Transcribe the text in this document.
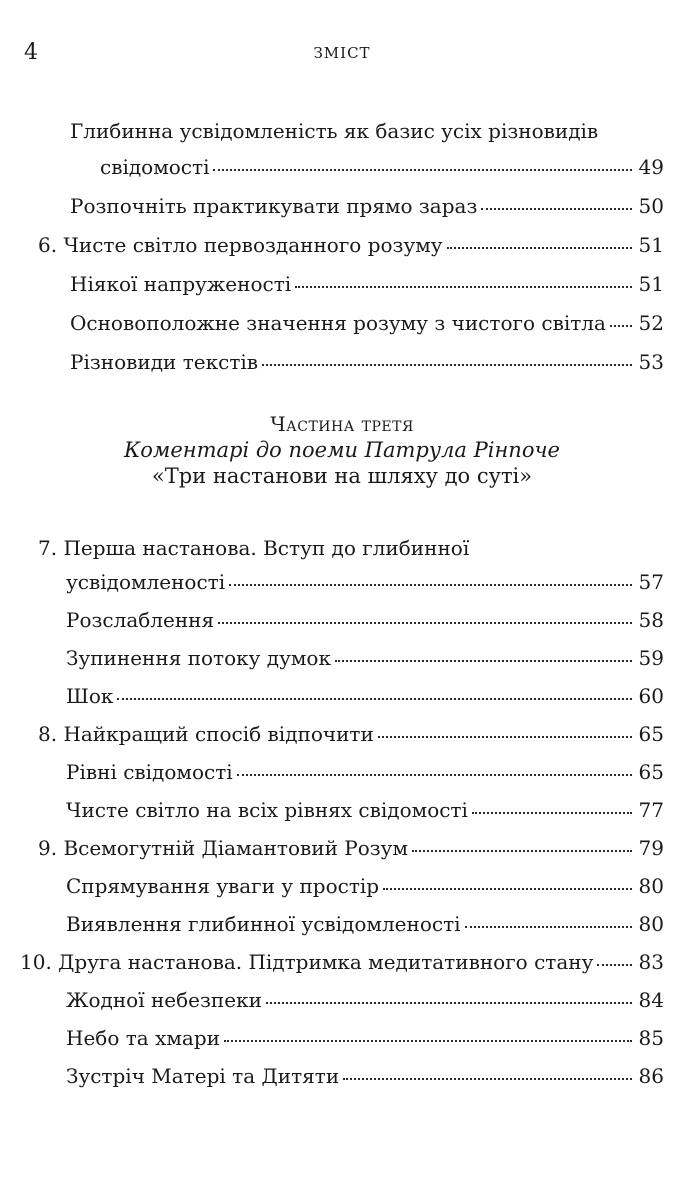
4	ЗМІСТ
Глибинна усвідомленість як базис усіх різновидів
свідомості	49
Розпочніть практикувати прямо зараз	50
6. Чисте світло первозданного розуму	51
Ніякої напруженості	51
Основоположне значення розуму з чистого світла 52
Різновиди текстів	53
Частина третя
Коментарі до поеми Патрула Рінпоче
«Три настанови на шляху до суті»
7. Перша настанова. Вступ до глибинної
усвідомленості	57
Розслаблення	58
Зупинення потоку думок	59
Шок	60
8. Найкращий спосіб відпочити	65
Рівні свідомості	65
Чисте світло на всіх рівнях свідомості	77
9. Всемогутній Діамантовий Розум	79
Спрямування уваги у простір	80
Виявлення глибинної усвідомленості	80
10. Друга настанова. Підтримка медитативного стану 83
Жодної небезпеки	84
Небо та хмари	85
Зустріч Матері та Дитяти	86
